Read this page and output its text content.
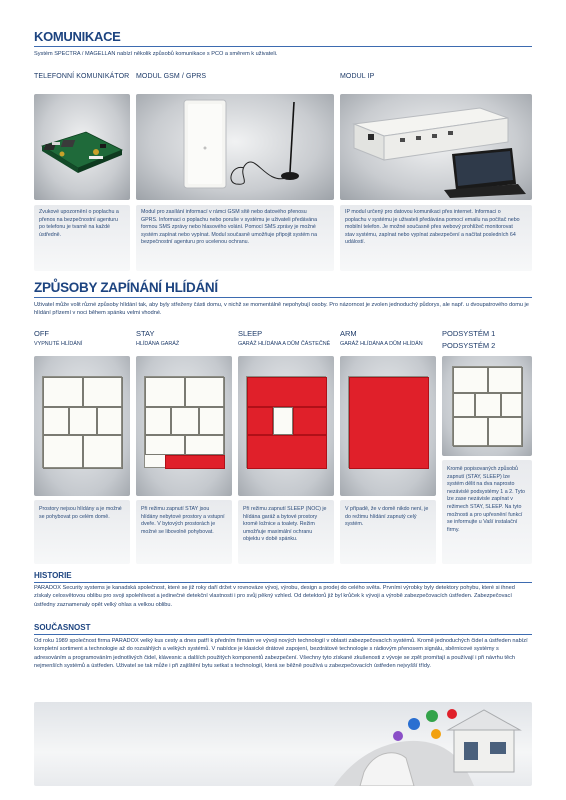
KOMUNIKACE
Systém SPECTRA / MAGELLAN nabízí několik způsobů komunikace s PCO a směrem k uživateli.
TELEFONNÍ KOMUNIKÁTOR MODUL GSM / GPRS	MODUL IP
Zvukové upozornění o poplachu a přenos na bezpečnostní agenturu po telefonu je tvarně na každé ústředně.
Modul pro zasílání informací v rámci GSM sítě nebo datového přenosu GPRS. Informaci o poplachu nebo poruše v systému je uživateli předávána formou SMS zprávy nebo hlasového volání. Pomocí SMS zprávy je možné systém zapínat nebo vypínat. Modul současně umožňuje připojit systém na bezpečnostní agenturu pro ucelenou ochranu.
IP modul určený pro datovou komunikaci přes internet. Informaci o poplachu v systému je uživateli předávána pomocí emailu na počítač nebo mobilní telefon. Je možné současně přes webový prohlížeč monitorovat stav systému, zapínat nebo vypínat zabezpečení a načítat posledních 64 událostí.
ZPŮSOBY ZAPÍNÁNÍ HLÍDÁNÍ
Uživatel může volit různé způsoby hlídání tak, aby byly střeženy části domu, v nichž se momentálně nepohybují osoby. Pro názornost je zvolen jednoduchý půdorys, ale např. u dvoupatrového domu je hlídání přízemí v noci během spánku velmi vhodné.
OFF
VYPNUTÉ HLÍDÁNÍ
STAY
HLÍDÁNA GARÁŽ
SLEEP
GARÁŽ HLÍDÁNA A DŮM ČÁSTEČNĚ
ARM
GARÁŽ HLÍDÁNA A DŮM HLÍDÁN
PODSYSTÉM 1
PODSYSTÉM 2
Prostory nejsou hlídány a je možné se pohybovat po celém domě.
Při režimu zapnutí STAY jsou hlídány nebytové prostory a vstupní dveře. V bytových prostorách je možné se libovolně pohybovat.
Při režimu zapnutí SLEEP (NOC) je hlídána garáž a bytové prostory kromě ložnice a toalety. Režim umožňuje maximální ochranu objektu v době spánku.
V případě, že v domě nikdo není, je do režimu hlídání zapnutý celý systém.
Kromě popisovaných způsobů zapnutí (STAY, SLEEP) lze systém dělit na dva naprosto nezávislé podsystémy 1 a 2. Tyto lze zase nezávisle zapínat v režimech STAY, SLEEP. Na tyto možnosti a pro upřesnění funkcí se informujte u Vaší instalační firmy.
HISTORIE
PARADOX Security systems je kanadská společnost, které se již roky daří držet v rovnováze vývoj, výrobu, design a prodej do celého světa. Prvními výrobky byly detektory pohybu, které si ihned získaly celosvětovou oblibu pro svoji spolehlivost a jedinečné detekční vlastnosti i pro svůj pěkný vzhled. Od detektorů již byl krůček k vývoji a výrobě zabezpečovacích ústředen. Zabezpečovací ústředny zaznamenaly opět velký ohlas a velkou oblibu.
SOUČASNOST
Od roku 1989 společnost firma PARADOX velký kus cesty a dnes patří k předním firmám ve vývoji nových technologií v oblasti zabezpečovacích systémů. Kromě jednoduchých čidel a ústředen nabízí kompletní sortiment a technologie až do rozsáhlých a velkých systémů. V nabídce je klasické drátové zapojení, bezdrátové technologie s rádiovým přenosem signálu, sběrnicové systémy s adresováním a programováním jednotlivých čidel, klávesnic a dalších použitých komponentů zabezpečení. Všechny tyto získané zkušenosti z vývoje se zpět promítají a používají i při návrhu těch nejmenších systémů a ústředen. Uživatel se tak může i při zajištění bytu setkat s technologií, která se běžně používá u zabezpečovacích ústředen nejvyšší třídy.
